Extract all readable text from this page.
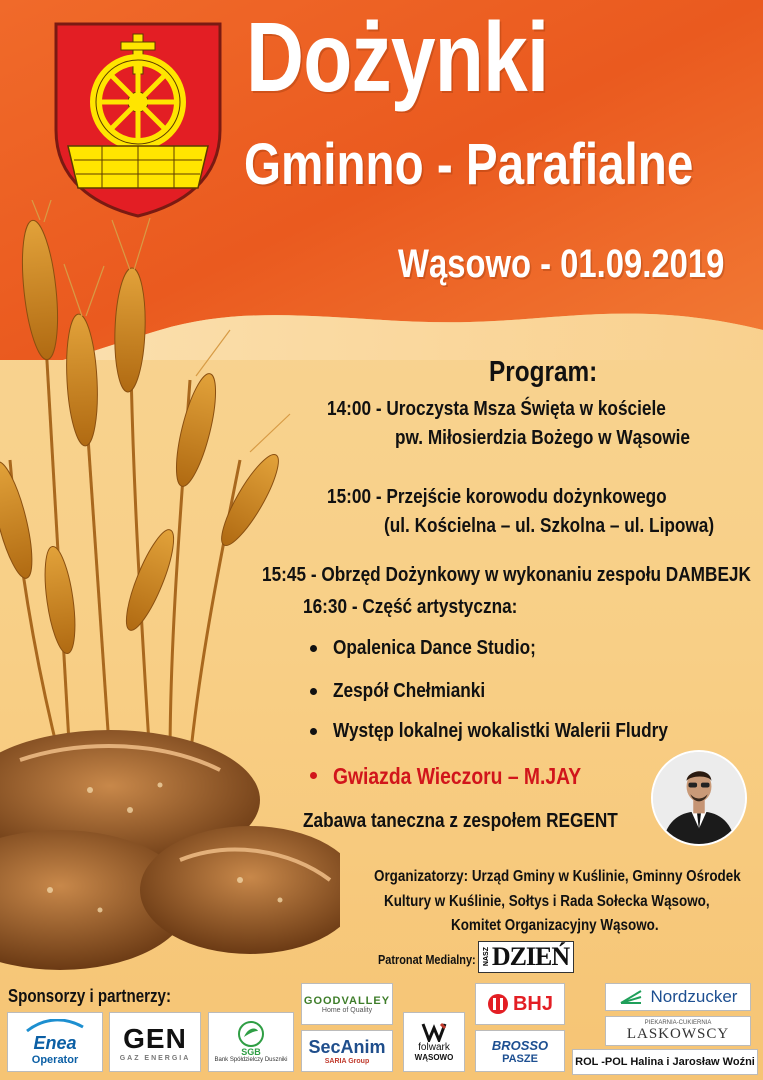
Dożynki
Gminno - Parafialne
Wąsowo - 01.09.2019
Program:
14:00 - Uroczysta Msza Święta w kościele
pw. Miłosierdzia Bożego w Wąsowie
15:00 - Przejście korowodu dożynkowego
(ul. Kościelna – ul. Szkolna – ul. Lipowa)
15:45 - Obrzęd Dożynkowy w wykonaniu zespołu DAMBEJK
16:30 - Część artystyczna:
Opalenica Dance Studio;
Zespół Chełmianki
Występ lokalnej wokalistki Walerii Fludry
Gwiazda Wieczoru – M.JAY
Zabawa taneczna z zespołem REGENT
Organizatorzy: Urząd Gminy w Kuślinie, Gminny Ośrodek
Kultury w Kuślinie, Sołtys i Rada Sołecka Wąsowo,
Komitet Organizacyjny Wąsowo.
Patronat Medialny: NASZ DZIEŃ
Sponsorzy i partnerzy:
Enea
Operator
GEN
GAZ ENERGIA
SGB
Bank Spółdzielczy Duszniki
GOODVALLEY
Home of Quality
SecAnim
SARIA Group
folwark
WĄSOWO
BHJ
BROSSO
PASZE
Nordzucker
PIEKARNIA-CUKIERNIA
LASKOWSCY
ROL -POL Halina i Jarosław Woźni
